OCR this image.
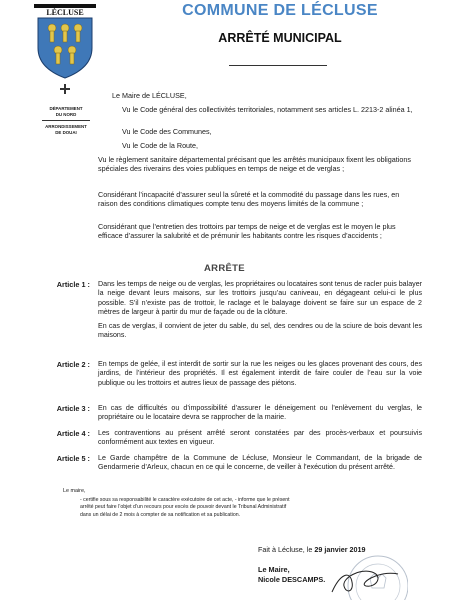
LÉCLUSE
DÉPARTEMENT
DU NORD
ARRONDISSEMENT
DE DOUAI
COMMUNE DE LÉCLUSE
ARRÊTÉ MUNICIPAL
Le Maire de LÉCLUSE,
Vu le Code général des collectivités territoriales, notamment ses articles L. 2213-2 alinéa 1,
Vu le Code des Communes,
Vu le Code de la Route,
Vu le règlement sanitaire départemental précisant que les arrêtés municipaux fixent les obligations spéciales des riverains des voies publiques en temps de neige et de verglas ;
Considérant l’incapacité d’assurer seul la sûreté et la commodité du passage dans les rues, en raison des conditions climatiques compte tenu des moyens limités de la commune ;
Considérant que l’entretien des trottoirs par temps de neige et de verglas est le moyen le plus efficace d’assurer la salubrité et de prémunir les habitants contre les risques d’accidents ;
ARRÊTE
Article 1 : Dans les temps de neige ou de verglas, les propriétaires ou locataires sont tenus de racler puis balayer la neige devant leurs maisons, sur les trottoirs jusqu’au caniveau, en dégageant celui-ci le plus possible. S’il n’existe pas de trottoir, le raclage et le balayage doivent se faire sur un espace de 2 mètres de largeur à partir du mur de façade ou de la clôture.
En cas de verglas, il convient de jeter du sable, du sel, des cendres ou de la sciure de bois devant les maisons.
Article 2 : En temps de gelée, il est interdit de sortir sur la rue les neiges ou les glaces provenant des cours, des jardins, de l’intérieur des propriétés. Il est également interdit de faire couler de l’eau sur la voie publique ou les trottoirs et autres lieux de passage des piétons.
Article 3 : En cas de difficultés ou d’impossibilité d’assurer le déneigement ou l’enlèvement du verglas, le propriétaire ou le locataire devra se rapprocher de la mairie.
Article 4 : Les contraventions au présent arrêté seront constatées par des procès-verbaux et poursuivis conformément aux textes en vigueur.
Article 5 : Le Garde champêtre de la Commune de Lécluse, Monsieur le Commandant, de la brigade de Gendarmerie d’Arleux, chacun en ce qui le concerne, de veiller à l’exécution du présent arrêté.
Le maire,
- certifie sous sa responsabilité le caractère exécutoire de cet acte, - informe que le présent arrêté peut faire l’objet d’un recours pour excès de pouvoir devant le Tribunal Administratif dans un délai de 2 mois à compter de sa notification et sa publication.
Fait à Lécluse, le 29 janvier 2019
Le Maire,
Nicole DESCAMPS.
